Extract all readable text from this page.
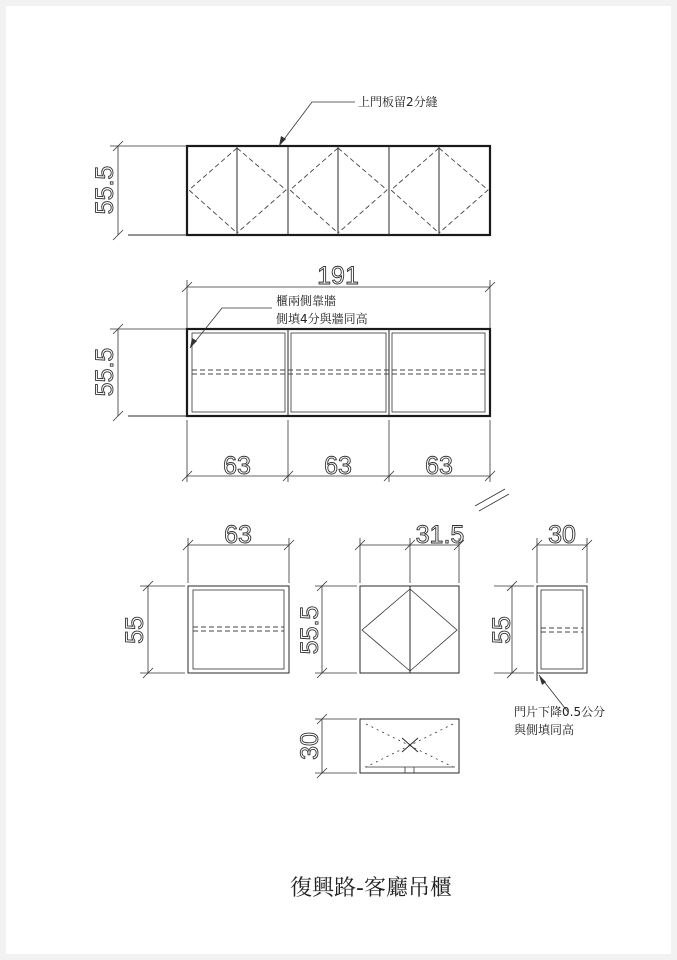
55.5
上門板留2分縫
191
55.5
櫃兩側靠牆
側填4分與牆同高
63	63	63
63
55
31.5
55.5
30
55
門片下降0.5公分
與側填同高
30
復興路-客廳吊櫃
